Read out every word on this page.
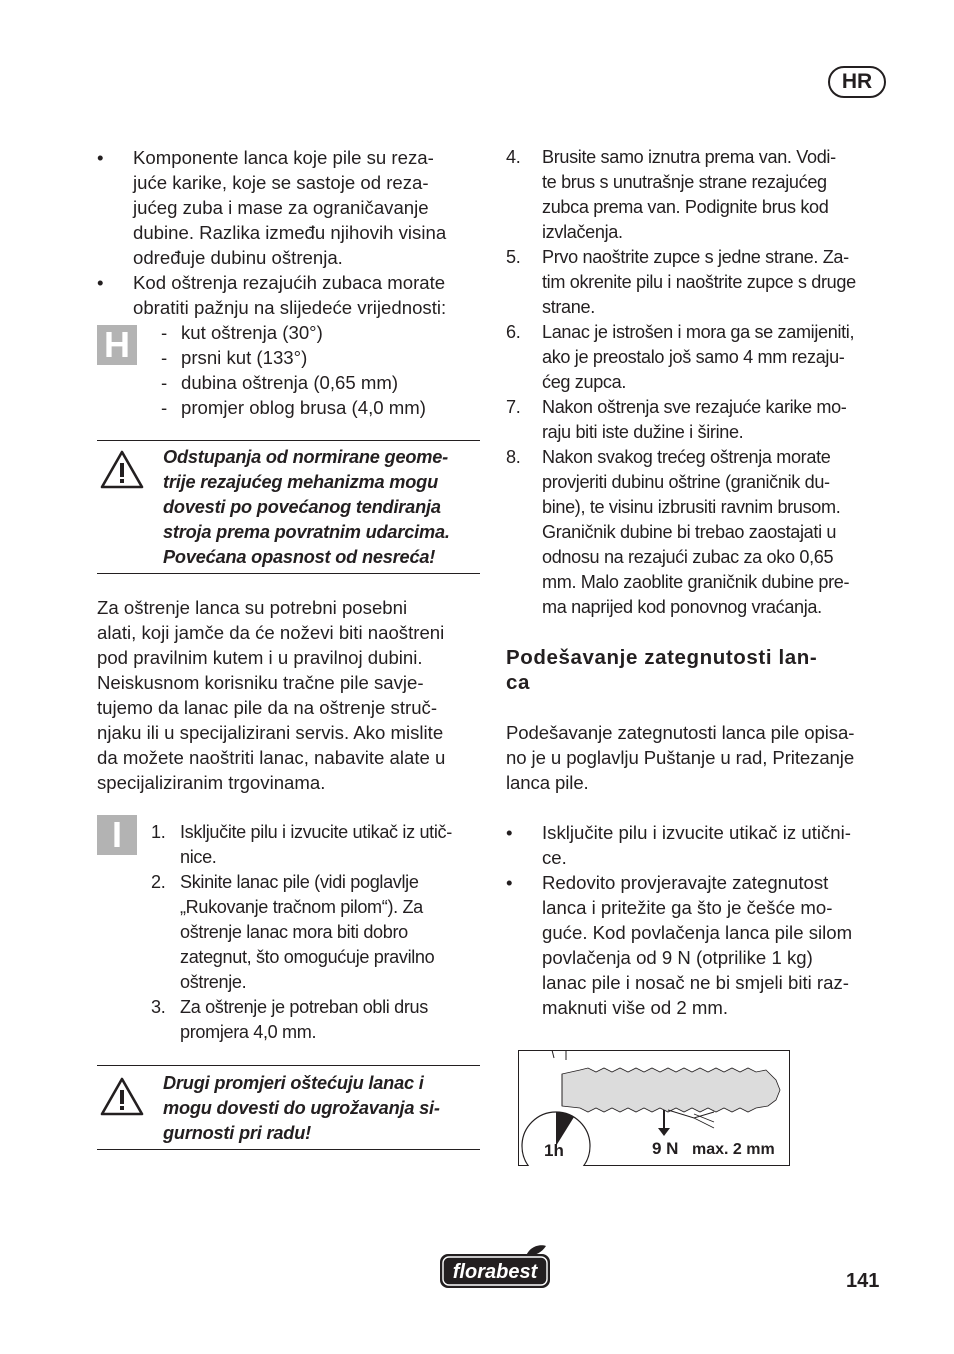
HR
• Komponente lanca koje pile su reza-
juće karike, koje se sastoje od reza-
jućeg zuba i mase za ograničavanje
dubine. Razlika između njihovih visina
određuje dubinu oštrenja.
• Kod oštrenja rezajućih zubaca morate
obratiti pažnju na slijedeće vrijednosti:
H	- kut oštrenja (30°)
- prsni kut (133°)
- dubina oštrenja (0,65 mm)
- promjer oblog brusa (4,0 mm)
Odstupanja od normirane geome-
trije rezajućeg mehanizma mogu
dovesti po povećanog tendiranja
stroja prema povratnim udarcima.
Povećana opasnost od nesreća!
Za oštrenje lanca su potrebni posebni
alati, koji jamče da će noževi biti naoštreni
pod pravilnim kutem i u pravilnoj dubini.
Neiskusnom korisniku tračne pile savje-
tujemo da lanac pile da na oštrenje struč-
njaku ili u specijalizirani servis. Ako mislite
da možete naoštriti lanac, nabavite alate u
specijaliziranim trgovinama.
I	1. Isključite pilu i izvucite utikač iz utič-
nice.
2. Skinite lanac pile (vidi poglavlje
„Rukovanje tračnom pilom“). Za
oštrenje lanac mora biti dobro
zategnut, što omogućuje pravilno
oštrenje.
3. Za oštrenje je potreban obli drus
promjera 4,0 mm.
Drugi promjeri oštećuju lanac i
mogu dovesti do ugrožavanja si-
gurnosti pri radu!
4. Brusite samo iznutra prema van. Vodi-
te brus s unutrašnje strane rezajućeg
zubca prema van. Podignite brus kod
izvlačenja.
5. Prvo naoštrite zupce s jedne strane. Za-
tim okrenite pilu i naoštrite zupce s druge
strane.
6. Lanac je istrošen i mora ga se zamijeniti,
ako je preostalo još samo 4 mm rezaju-
ćeg zupca.
7. Nakon oštrenja sve rezajuće karike mo-
raju biti iste dužine i širine.
8. Nakon svakog trećeg oštrenja morate
provjeriti dubinu oštrine (graničnik du-
bine), te visinu izbrusiti ravnim brusom.
Graničnik dubine bi trebao zaostajati u
odnosu na rezajući zubac za oko 0,65
mm. Malo zaoblite graničnik dubine pre-
ma naprijed kod ponovnog vraćanja.
Podešavanje zategnutosti lan-
ca
Podešavanje zategnutosti lanca pile opisa-
no je u poglavlju Puštanje u rad, Pritezanje
lanca pile.
• Isključite pilu i izvucite utikač iz utični-
ce.
• Redovito provjeravajte zategnutost
lanca i pritežite ga što je češće mo-
guće. Kod povlačenja lanca pile silom
povlačenja od 9 N (otprilike 1 kg)
lanac pile i nosač ne bi smjeli biti raz-
maknuti više od 2 mm.
1h	9 N max. 2 mm
florabest	141
